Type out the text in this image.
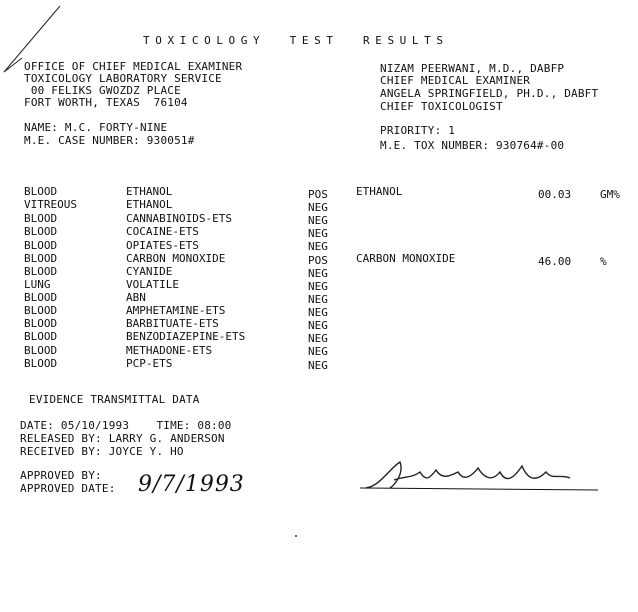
TOXICOLOGY  TEST  RESULTS
OFFICE OF CHIEF MEDICAL EXAMINER
TOXICOLOGY LABORATORY SERVICE
00 FELIKS GWOZDZ PLACE
FORT WORTH, TEXAS  76104
NIZAM PEERWANI, M.D., DABFP
CHIEF MEDICAL EXAMINER
ANGELA SPRINGFIELD, PH.D., DABFT
CHIEF TOXICOLOGIST
NAME: M.C. FORTY-NINE
M.E. CASE NUMBER: 930051#
PRIORITY: 1
M.E. TOX NUMBER: 930764#-00
BLOOD	ETHANOL	POS	ETHANOL	00.03	GM%
VITREOUS	ETHANOL	NEG
BLOOD	CANNABINOIDS-ETS	NEG
BLOOD	COCAINE-ETS	NEG
BLOOD	OPIATES-ETS	NEG
BLOOD	CARBON MONOXIDE	POS	CARBON MONOXIDE	46.00	%
BLOOD	CYANIDE	NEG
LUNG	VOLATILE	NEG
BLOOD	ABN	NEG
BLOOD	AMPHETAMINE-ETS	NEG
BLOOD	BARBITUATE-ETS	NEG
BLOOD	BENZODIAZEPINE-ETS	NEG
BLOOD	METHADONE-ETS	NEG
BLOOD	PCP-ETS	NEG
EVIDENCE TRANSMITTAL DATA
DATE: 05/10/1993    TIME: 08:00
RELEASED BY: LARRY G. ANDERSON
RECEIVED BY: JOYCE Y. HO
APPROVED BY:
APPROVED DATE: 9/7/1993
